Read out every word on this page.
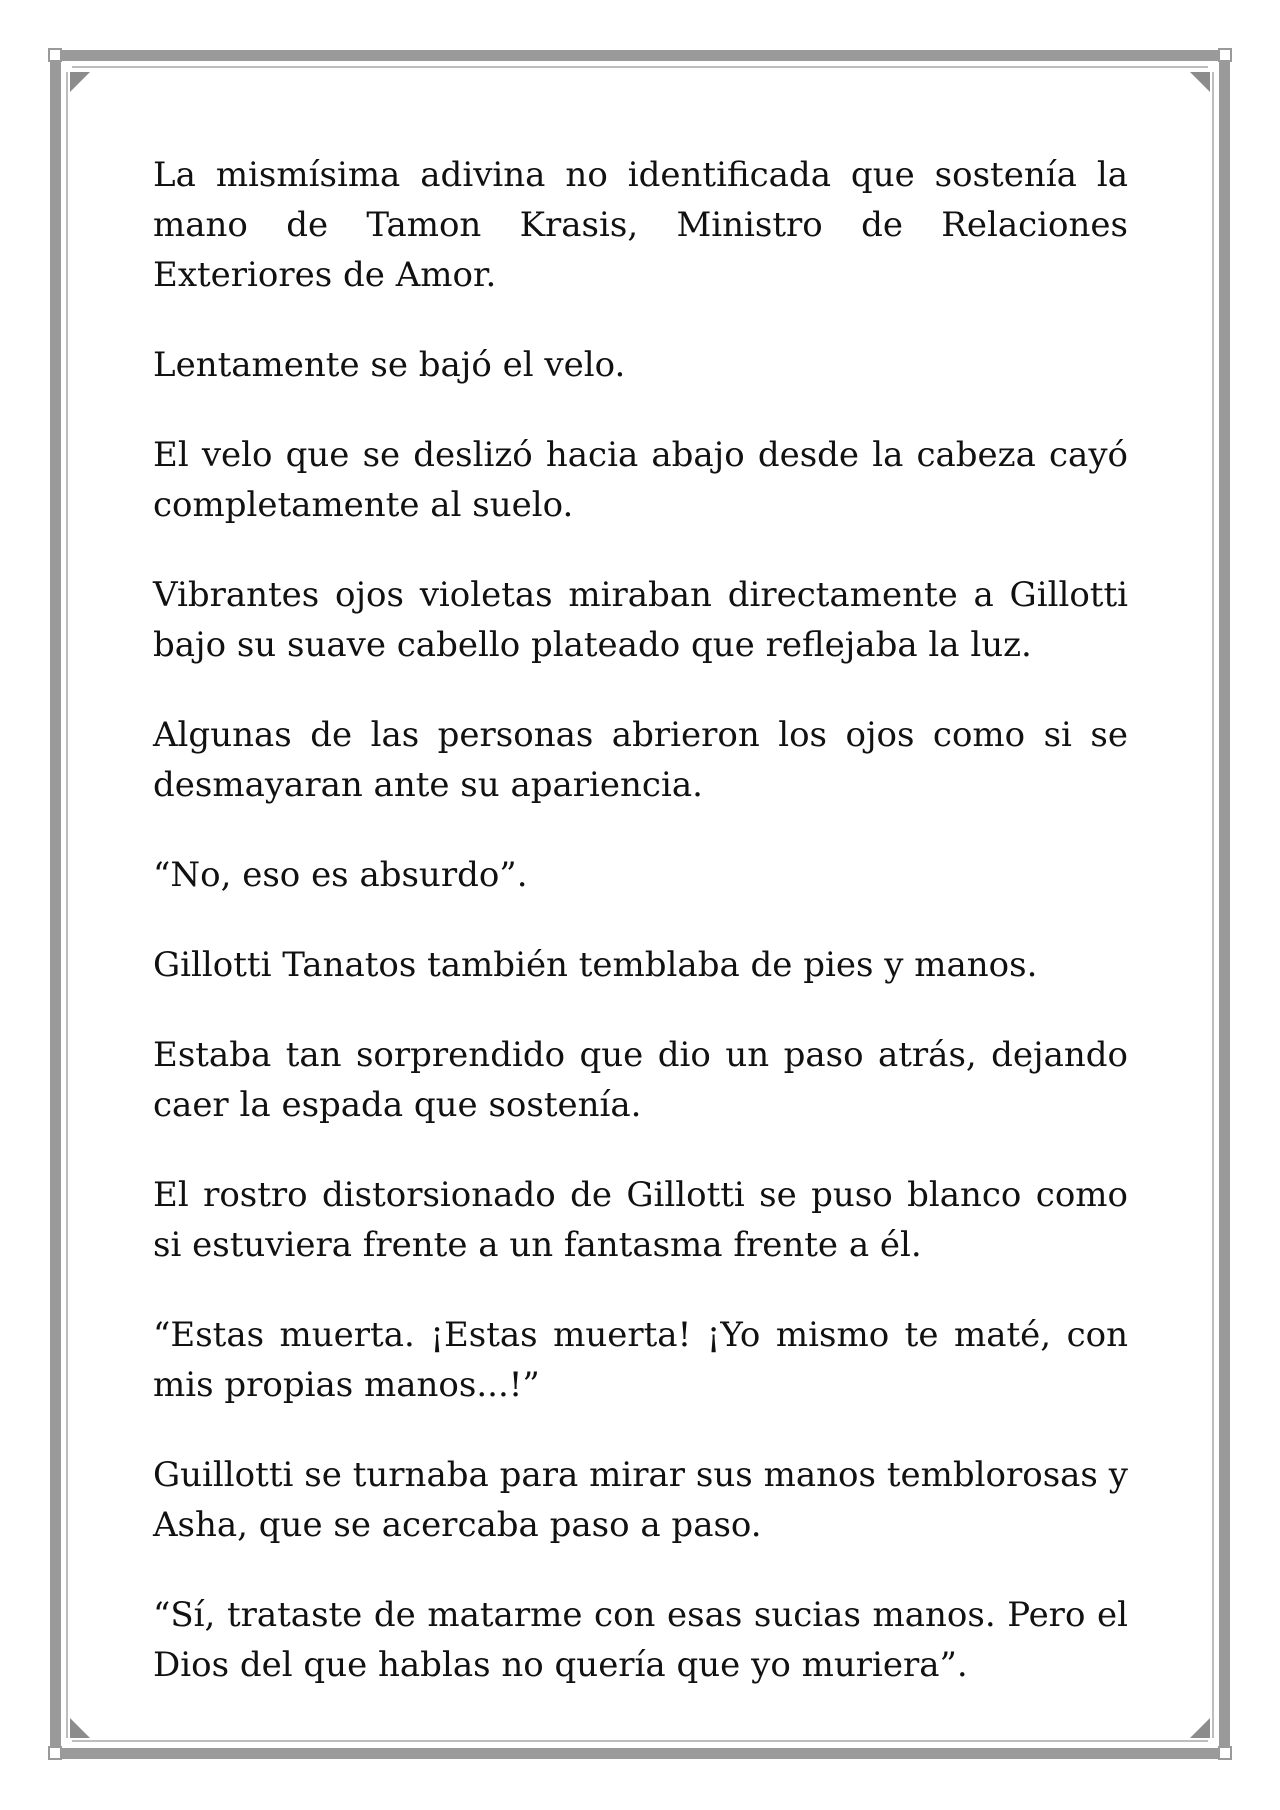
La mismísima adivina no identificada que sostenía la mano de Tamon Krasis, Ministro de Relaciones Exteriores de Amor.

Lentamente se bajó el velo.

El velo que se deslizó hacia abajo desde la cabeza cayó completamente al suelo.

Vibrantes ojos violetas miraban directamente a Gillotti bajo su suave cabello plateado que reflejaba la luz.

Algunas de las personas abrieron los ojos como si se desmayaran ante su apariencia.

“No, eso es absurdo”.

Gillotti Tanatos también temblaba de pies y manos.

Estaba tan sorprendido que dio un paso atrás, dejando caer la espada que sostenía.

El rostro distorsionado de Gillotti se puso blanco como si estuviera frente a un fantasma frente a él.

“Estas muerta. ¡Estas muerta! ¡Yo mismo te maté, con mis propias manos...!”

Guillotti se turnaba para mirar sus manos temblorosas y Asha, que se acercaba paso a paso.

“Sí, trataste de matarme con esas sucias manos. Pero el Dios del que hablas no quería que yo muriera”.
